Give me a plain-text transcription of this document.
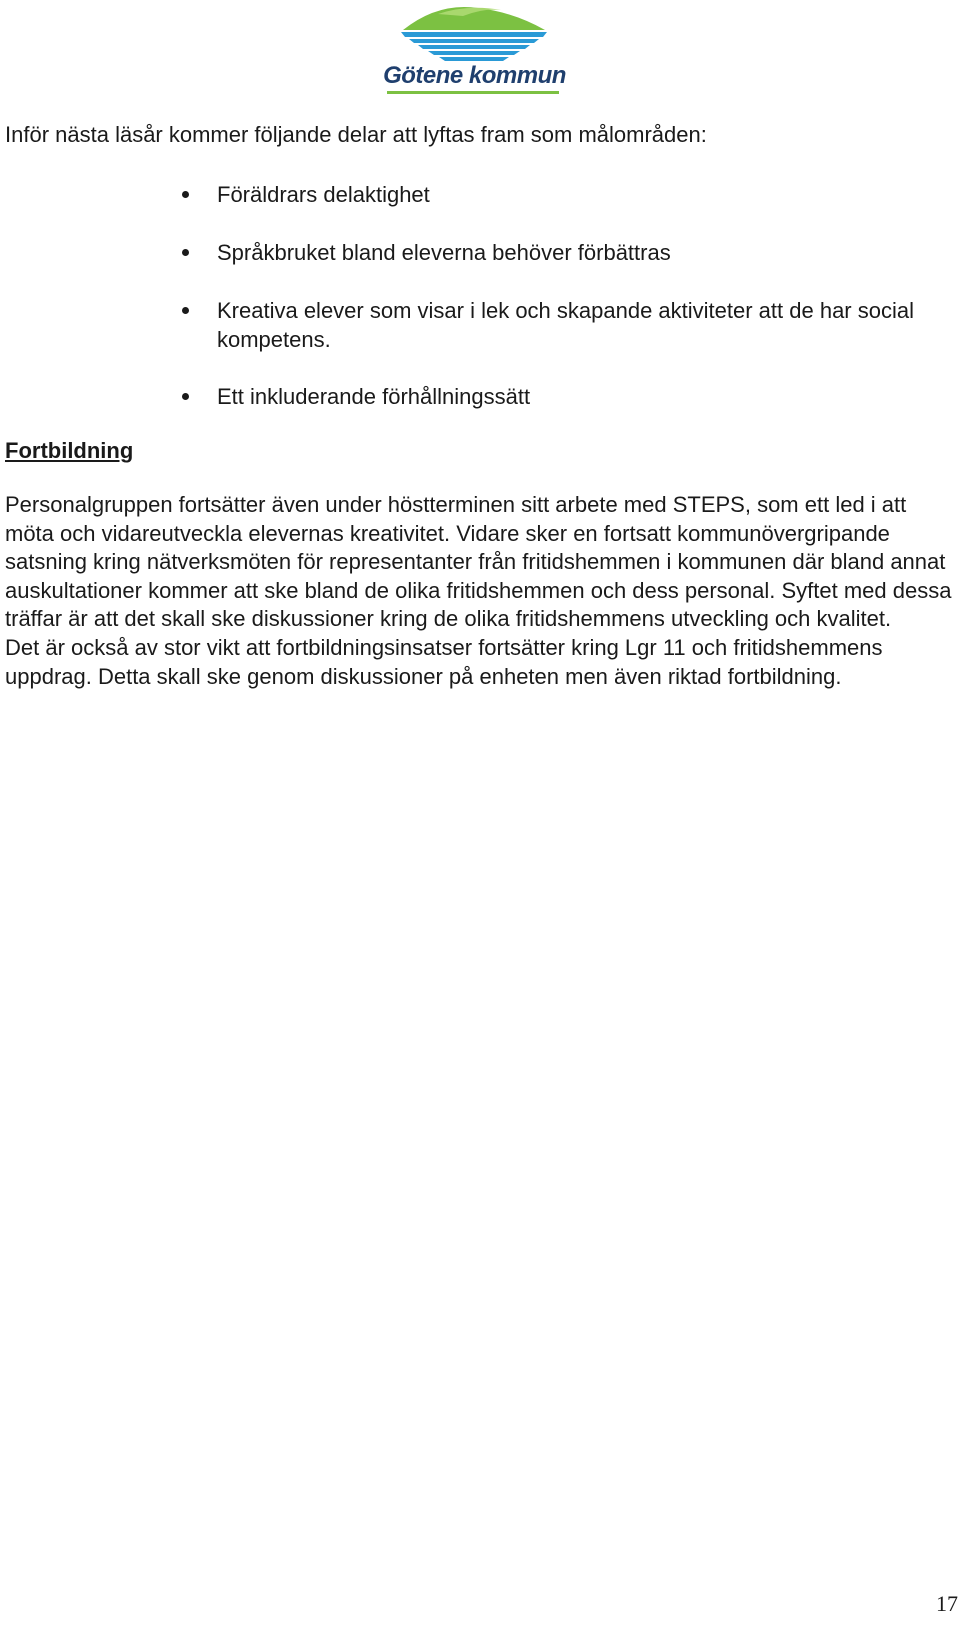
Götene kommun

Inför nästa läsår kommer följande delar att lyftas fram som målområden:

Föräldrars delaktighet
Språkbruket bland eleverna behöver förbättras
Kreativa elever som visar i lek och skapande aktiviteter att de har social kompetens.
Ett inkluderande förhållningssätt
Fortbildning
Personalgruppen fortsätter även under höstterminen sitt arbete med STEPS, som ett led i att möta och vidareutveckla elevernas kreativitet. Vidare sker en fortsatt kommunövergripande satsning kring nätverksmöten för representanter från fritidshemmen i kommunen där bland annat auskultationer kommer att ske bland de olika fritidshemmen och dess personal. Syftet med dessa träffar är att det skall ske diskussioner kring de olika fritidshemmens utveckling och kvalitet.
Det är också av stor vikt att fortbildningsinsatser fortsätter kring Lgr 11 och fritidshemmens uppdrag. Detta skall ske genom diskussioner på enheten men även riktad fortbildning.
17
